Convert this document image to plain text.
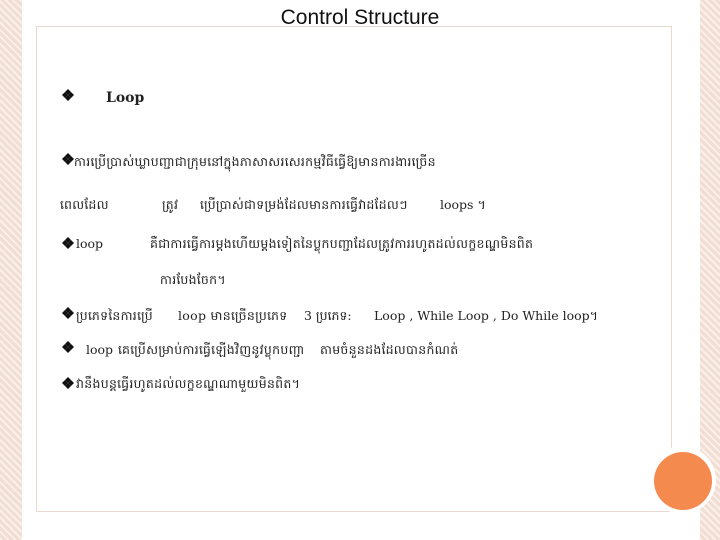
Control Structure
Loop
ការប្រើប្រាស់ឃ្លាបញ្ជាជាក្រុមនៅក្នុងភាសាសរសេរកម្មវិធីធ្វើឱ្យមានការងារច្រើន
ពេលដែល	ត្រូវ ប្រើប្រាស់ជាទម្រង់ដែលមានការធ្វើវាដដែលៗ	loops ។
loop	គឺជាការធ្វើការម្តងហើយម្តងទៀតនៃប្លុកបញ្ជាដែលត្រូវការរហូតដល់លក្ខខណ្ឌមិនពិត
ការបែងចែក។
ប្រភេទនៃការប្រើ loop មានច្រើនប្រភេទ 3 ប្រភេទ: Loop , While Loop , Do While loop។
loop គេប្រើសម្រាប់ការធ្វើឡើងវិញនូវប្លុកបញ្ជា តាមចំនួនដងដែលបានកំណត់
វានឹងបន្តធ្វើរហូតដល់លក្ខខណ្ឌណាមួយមិនពិត។
